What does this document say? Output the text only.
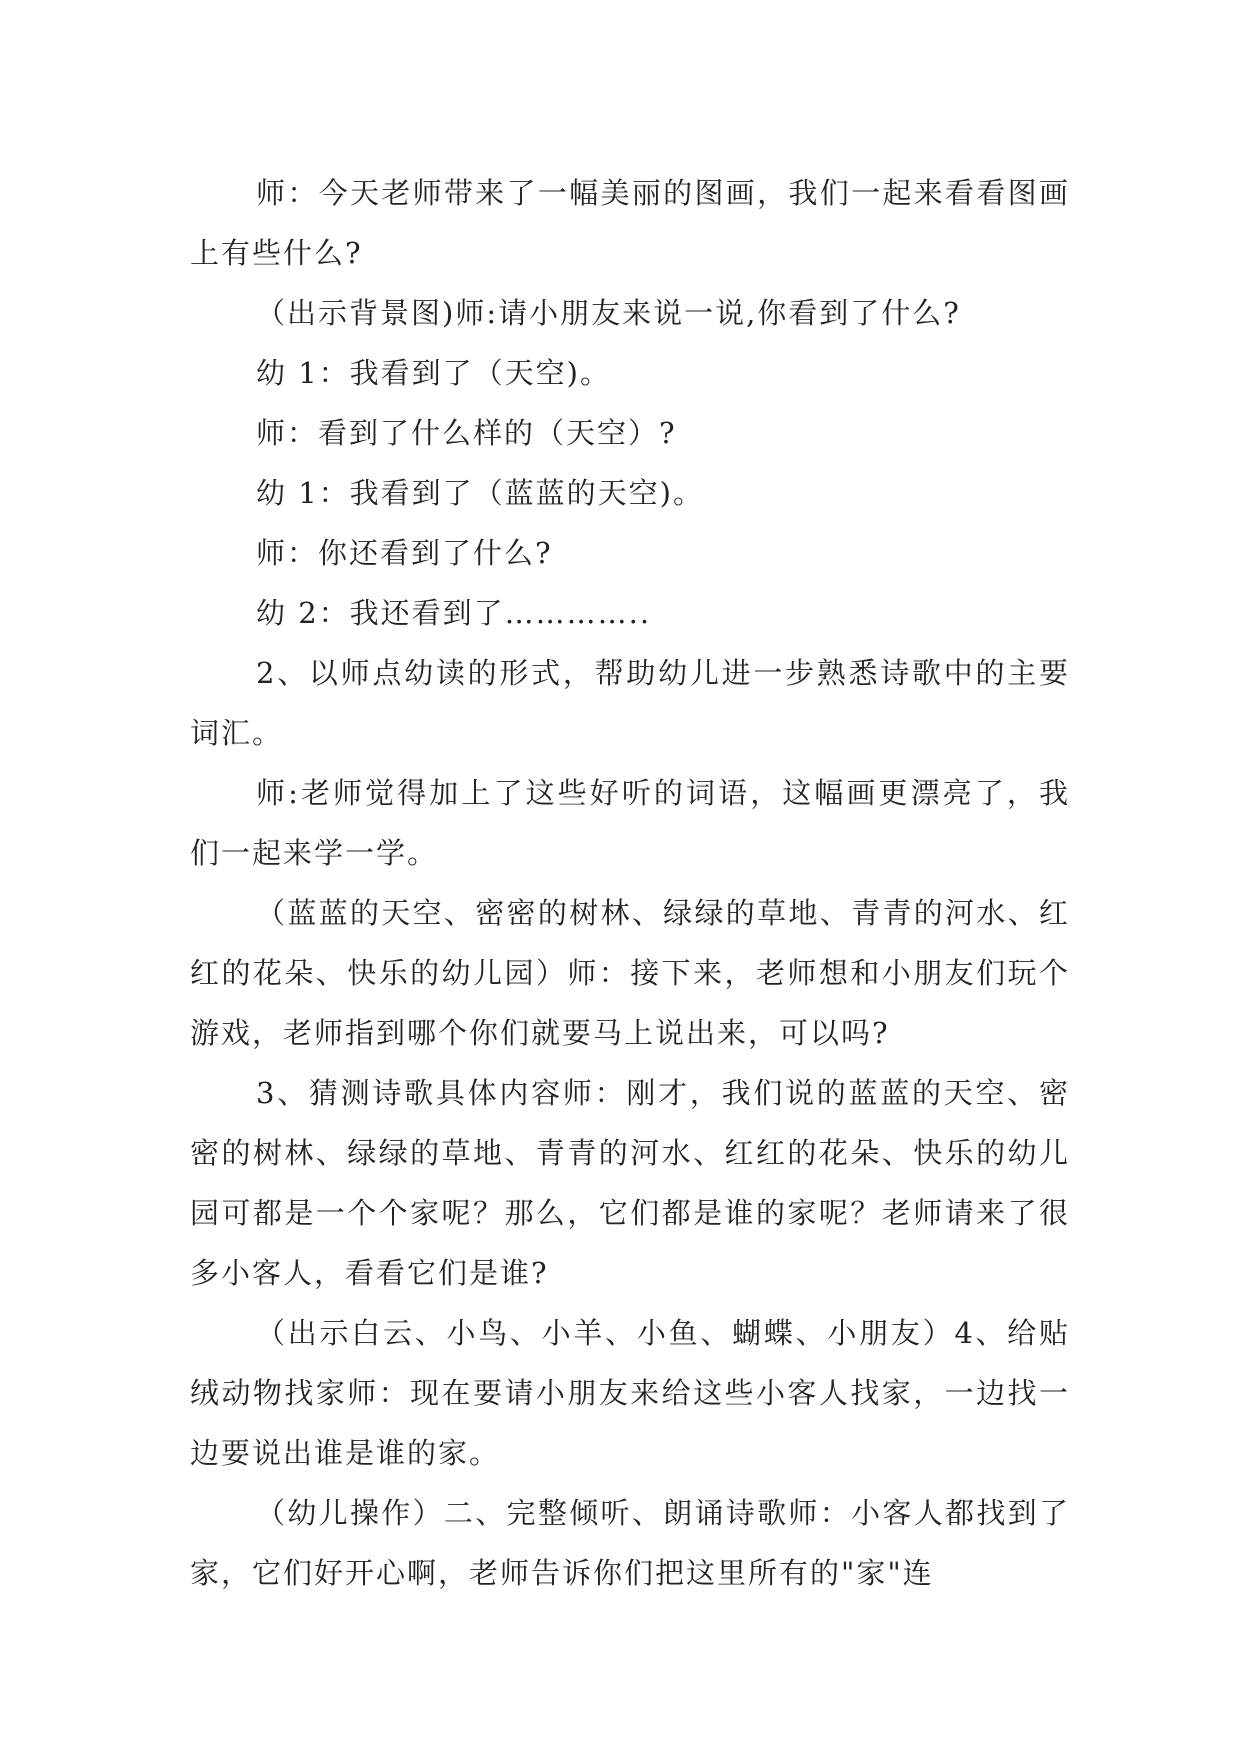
师：今天老师带来了一幅美丽的图画，我们一起来看看图画上有些什么?

（出示背景图)师:请小朋友来说一说,你看到了什么?

幼 1：我看到了（天空)。

师：看到了什么样的（天空）?

幼 1：我看到了（蓝蓝的天空)。

师：你还看到了什么?

幼 2：我还看到了…………..

2、以师点幼读的形式，帮助幼儿进一步熟悉诗歌中的主要词汇。

师:老师觉得加上了这些好听的词语，这幅画更漂亮了，我们一起来学一学。

（蓝蓝的天空、密密的树林、绿绿的草地、青青的河水、红红的花朵、快乐的幼儿园）师：接下来，老师想和小朋友们玩个游戏，老师指到哪个你们就要马上说出来，可以吗?

3、猜测诗歌具体内容师：刚才，我们说的蓝蓝的天空、密密的树林、绿绿的草地、青青的河水、红红的花朵、快乐的幼儿园可都是一个个家呢？那么，它们都是谁的家呢？老师请来了很多小客人，看看它们是谁?

（出示白云、小鸟、小羊、小鱼、蝴蝶、小朋友）4、给贴绒动物找家师：现在要请小朋友来给这些小客人找家，一边找一边要说出谁是谁的家。

（幼儿操作）二、完整倾听、朗诵诗歌师：小客人都找到了家，它们好开心啊，老师告诉你们把这里所有的"家"连
